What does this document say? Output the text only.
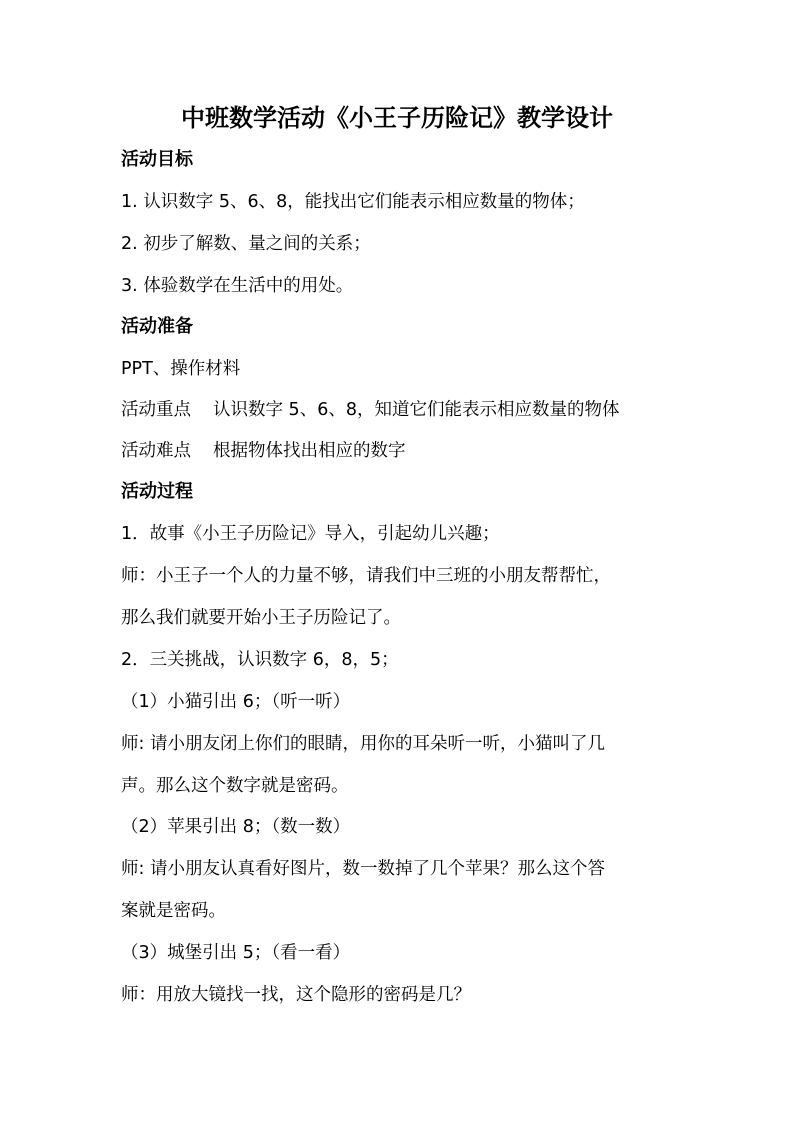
中班数学活动《小王子历险记》教学设计
活动目标
1. 认识数字 5、6、8，能找出它们能表示相应数量的物体；
2. 初步了解数、量之间的关系；
3. 体验数学在生活中的用处。
活动准备
PPT、操作材料
活动重点 认识数字 5、6、8，知道它们能表示相应数量的物体
活动难点 根据物体找出相应的数字
活动过程
1．故事《小王子历险记》导入，引起幼儿兴趣；
师：小王子一个人的力量不够，请我们中三班的小朋友帮帮忙，
那么我们就要开始小王子历险记了。
2．三关挑战，认识数字 6，8，5；
（1）小猫引出 6；（听一听）
师: 请小朋友闭上你们的眼睛，用你的耳朵听一听，小猫叫了几
声。那么这个数字就是密码。
（2）苹果引出 8；（数一数）
师: 请小朋友认真看好图片，数一数掉了几个苹果？那么这个答
案就是密码。
（3）城堡引出 5；（看一看）
师：用放大镜找一找，这个隐形的密码是几？
